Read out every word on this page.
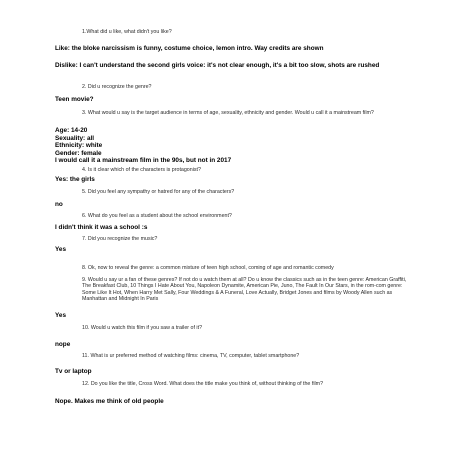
1.What did u like, what didn't you like?
Like: the bloke narcissism is funny, costume choice, lemon intro. Way credits are shown
Dislike: I can't understand the second girls voice: it's not clear enough, it's a bit too slow, shots are rushed
2. Did u recognize the genre?
Teen movie?
3. What would u say is the target audience in terms of age, sexuality, ethnicity and gender. Would u call it a mainstream film?
Age: 14-20
Sexuality: all
Ethnicity: white
Gender: female
I would call it a mainstream film in the 90s, but not in 2017
4. Is it clear which of the characters is protagonist?
Yes: the girls
5. Did you feel any sympathy or hatred for any of the characters?
no
6. What do you feel as a student about the school environment?
I didn't think it was a school :s
7. Did you recognize the music?
Yes
8. Ok, now to reveal the genre: a common mixture of teen high school, coming of age and romantic comedy
9. Would u say ur a fan of these genres? If not do u watch them at all? Do u know the classics such as in the teen genre: American Graffiti, The Breakfast Club, 10 Things I Hate About You, Napoleon Dynamite, American Pie, Juno, The Fault In Our Stars, in the rom-com genre: Some Like It Hot, When Harry Met Sally, Four Weddings & A Funeral, Love Actually, Bridget Jones and films by Woody Allen such as Manhattan and Midnight In Paris
Yes
10. Would u watch this film if you saw a trailer of it?
nope
11. What is ur preferred method of watching films: cinema, TV, computer, tablet smartphone?
Tv or laptop
12. Do you like the title, Cross Word. What does the title make you think of, without thinking of the film?
Nope. Makes me think of old people
